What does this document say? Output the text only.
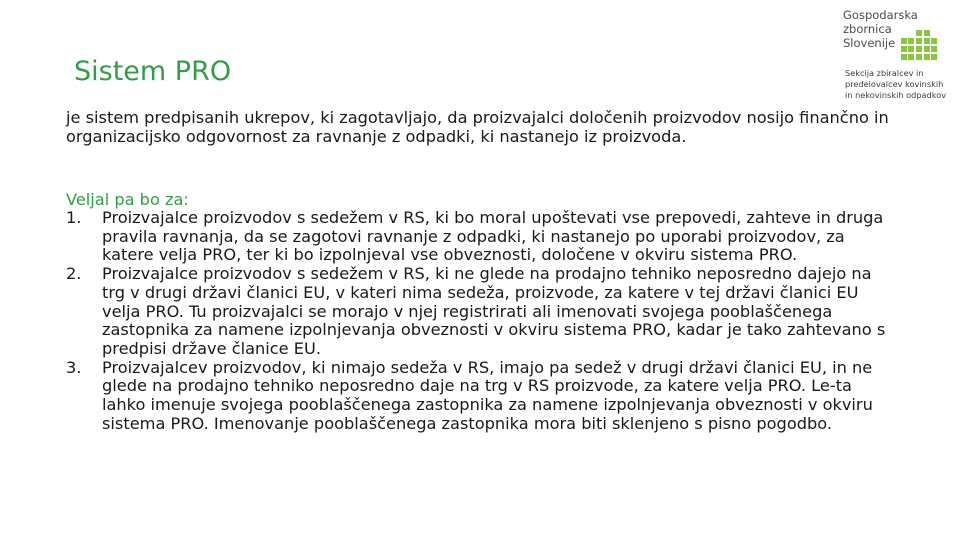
Sistem PRO
Gospodarska
zbornica
Slovenije
Sekcija zbiralcev in
predelovalcev kovinskih
in nekovinskih odpadkov

je sistem predpisanih ukrepov, ki zagotavljajo, da proizvajalci določenih proizvodov nosijo finančno in organizacijsko odgovornost za ravnanje z odpadki, ki nastanejo iz proizvoda.

Veljal pa bo za:

1. Proizvajalce proizvodov s sedežem v RS, ki bo moral upoštevati vse prepovedi, zahteve in druga pravila ravnanja, da se zagotovi ravnanje z odpadki, ki nastanejo po uporabi proizvodov, za katere velja PRO, ter ki bo izpolnjeval vse obveznosti, določene v okviru sistema PRO.
2. Proizvajalce proizvodov s sedežem v RS, ki ne glede na prodajno tehniko neposredno dajejo na trg v drugi državi članici EU, v kateri nima sedeža, proizvode, za katere v tej državi članici EU velja PRO. Tu proizvajalci se morajo v njej registrirati ali imenovati svojega pooblaščenega zastopnika za namene izpolnjevanja obveznosti v okviru sistema PRO, kadar je tako zahtevano s predpisi države članice EU.
3. Proizvajalcev proizvodov, ki nimajo sedeža v RS, imajo pa sedež v drugi državi članici EU, in ne glede na prodajno tehniko neposredno daje na trg v RS proizvode, za katere velja PRO. Le-ta lahko imenuje svojega pooblaščenega zastopnika za namene izpolnjevanja obveznosti v okviru sistema PRO. Imenovanje pooblaščenega zastopnika mora biti sklenjeno s pisno pogodbo.
